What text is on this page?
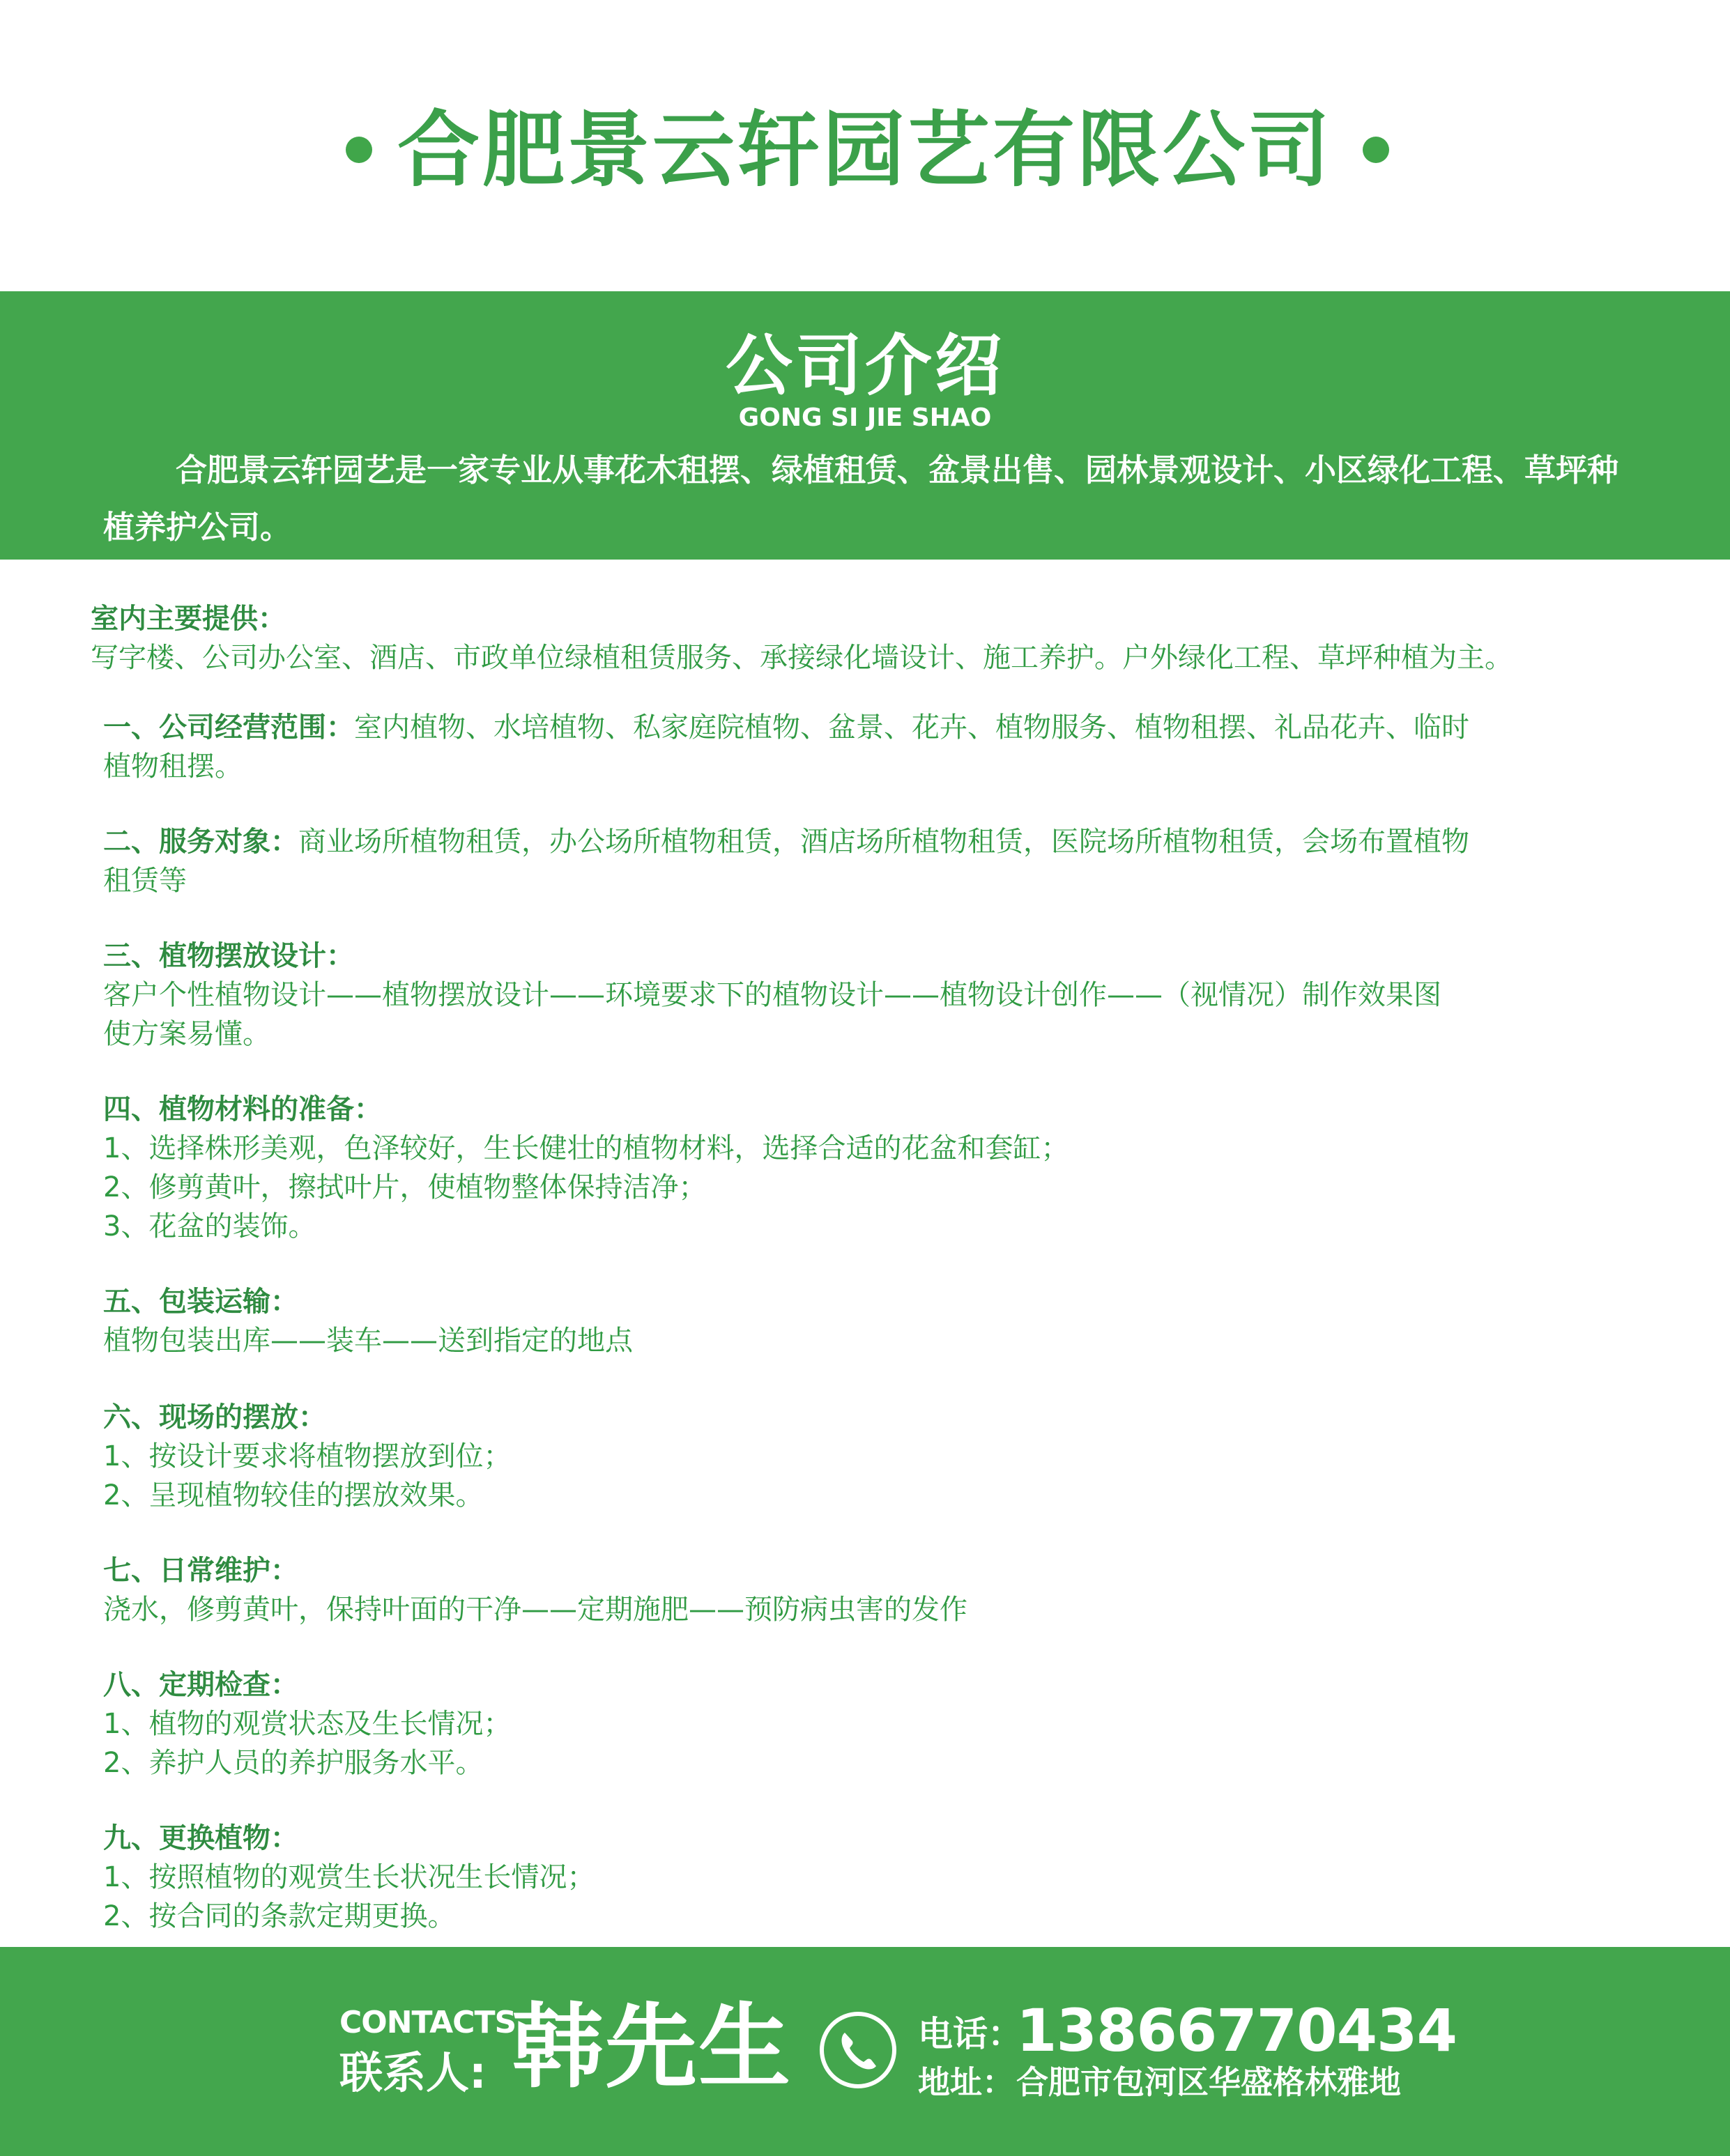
合肥景云轩园艺有限公司
公司介绍
GONG SI JIE SHAO
合肥景云轩园艺是一家专业从事花木租摆、绿植租赁、盆景出售、园林景观设计、小区绿化工程、草坪种植养护公司。

室内主要提供：

写字楼、公司办公室、酒店、市政单位绿植租赁服务、承接绿化墙设计、施工养护。户外绿化工程、草坪种植为主。

一、公司经营范围：室内植物、水培植物、私家庭院植物、盆景、花卉、植物服务、植物租摆、礼品花卉、临时

植物租摆。

二、服务对象：商业场所植物租赁，办公场所植物租赁，酒店场所植物租赁，医院场所植物租赁，会场布置植物

租赁等

三、植物摆放设计：

客户个性植物设计——植物摆放设计——环境要求下的植物设计——植物设计创作——（视情况）制作效果图

使方案易懂。

四、植物材料的准备：

1、选择株形美观，色泽较好，生长健壮的植物材料，选择合适的花盆和套缸；

2、修剪黄叶，擦拭叶片，使植物整体保持洁净；

3、花盆的装饰。

五、包装运输：

植物包装出库——装车——送到指定的地点

六、现场的摆放：

1、按设计要求将植物摆放到位；

2、呈现植物较佳的摆放效果。

七、日常维护：

浇水，修剪黄叶，保持叶面的干净——定期施肥——预防病虫害的发作

八、定期检查：

1、植物的观赏状态及生长情况；

2、养护人员的养护服务水平。

九、更换植物：

1、按照植物的观赏生长状况生长情况；

2、按合同的条款定期更换。

CONTACTS
联系人: 韩先生	电话：
13866770434
地址： 合肥市包河区华盛格林雅地
